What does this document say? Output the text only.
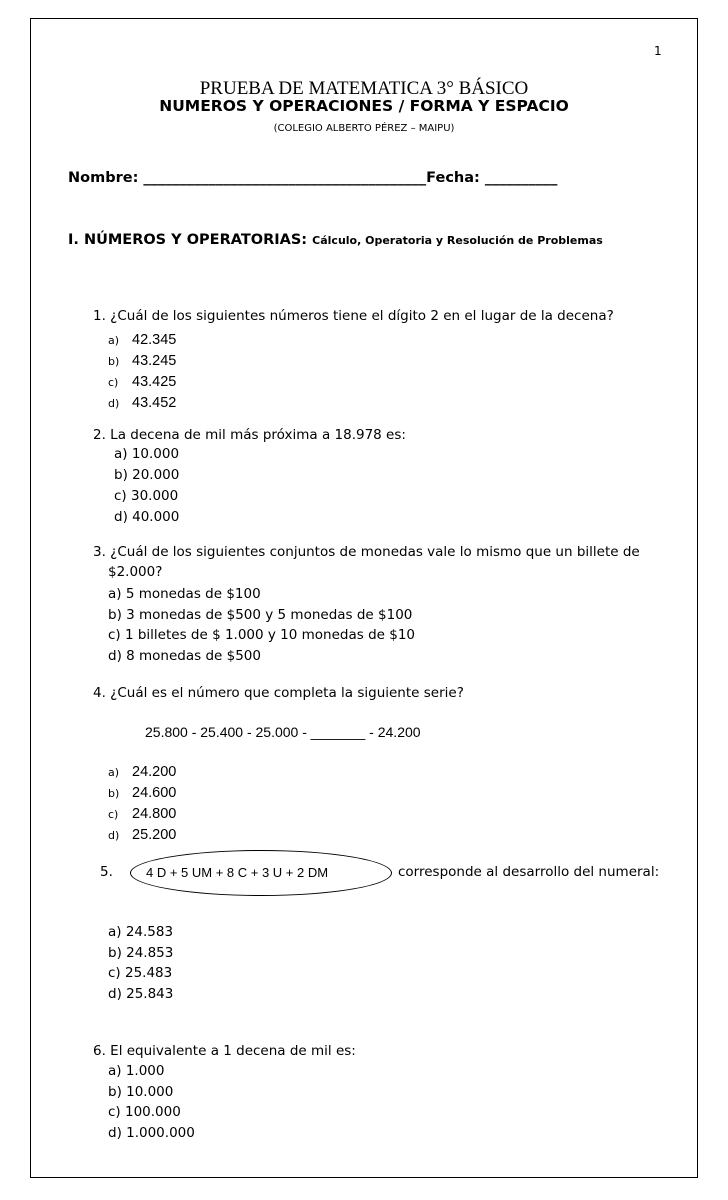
1
PRUEBA DE MATEMATICA 3° BÁSICO
NUMEROS Y OPERACIONES / FORMA Y ESPACIO
(COLEGIO ALBERTO PÉREZ – MAIPU)
Nombre: _______________________________________Fecha: __________
I. NÚMEROS Y OPERATORIAS: Cálculo, Operatoria y Resolución de Problemas
1. ¿Cuál de los siguientes números tiene el dígito 2 en el lugar de la decena?
a) 42.345
b) 43.245
c) 43.425
d) 43.452
2. La decena de mil más próxima a 18.978 es:
a) 10.000
b) 20.000
c) 30.000
d) 40.000
3. ¿Cuál de los siguientes conjuntos de monedas vale lo mismo que un billete de
$2.000?
a) 5 monedas de $100
b) 3 monedas de $500 y 5 monedas de $100
c) 1 billetes de $ 1.000 y 10 monedas de $10
d) 8 monedas de $500
4. ¿Cuál es el número que completa la siguiente serie?
25.800 - 25.400 - 25.000 - _______ - 24.200
a) 24.200
b) 24.600
c) 24.800
d) 25.200
5.	4 D + 5 UM + 8 C + 3 U + 2 DM	corresponde al desarrollo del numeral:
a) 24.583
b) 24.853
c) 25.483
d) 25.843
6. El equivalente a 1 decena de mil es:
a) 1.000
b) 10.000
c) 100.000
d) 1.000.000
